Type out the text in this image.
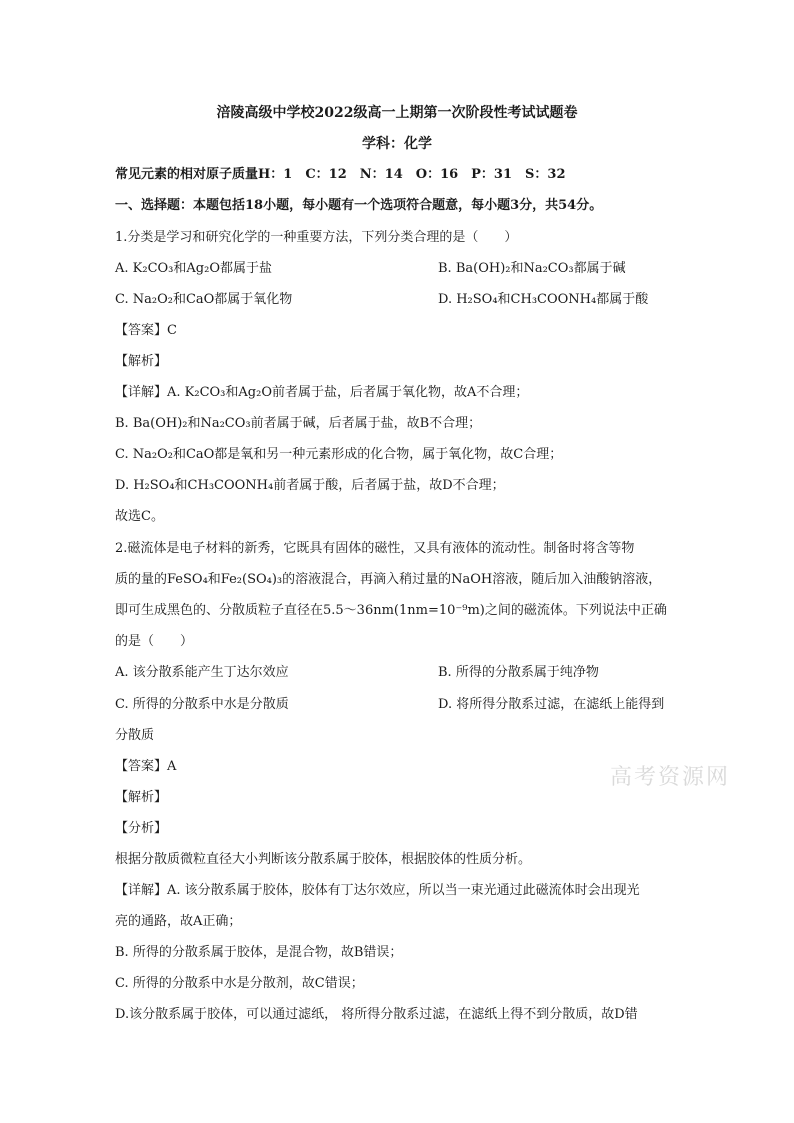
涪陵高级中学校2022级高一上期第一次阶段性考试试题卷
学科：化学
常见元素的相对原子质量H：1　C：12　N：14　O：16　P：31　S：32
一、选择题：本题包括18小题，每小题有一个选项符合题意，每小题3分，共54分。
1.分类是学习和研究化学的一种重要方法，下列分类合理的是（　　）
A. K₂CO₃和Ag₂O都属于盐	B. Ba(OH)₂和Na₂CO₃都属于碱
C. Na₂O₂和CaO都属于氧化物	D. H₂SO₄和CH₃COONH₄都属于酸
【答案】C
【解析】
【详解】A. K₂CO₃和Ag₂O前者属于盐，后者属于氧化物，故A不合理；
B. Ba(OH)₂和Na₂CO₃前者属于碱，后者属于盐，故B不合理；
C. Na₂O₂和CaO都是氧和另一种元素形成的化合物，属于氧化物，故C合理；
D. H₂SO₄和CH₃COONH₄前者属于酸，后者属于盐，故D不合理；
故选C。
2.磁流体是电子材料的新秀，它既具有固体的磁性，又具有液体的流动性。制备时将含等物
质的量的FeSO₄和Fe₂(SO₄)₃的溶液混合，再滴入稍过量的NaOH溶液，随后加入油酸钠溶液，
即可生成黑色的、分散质粒子直径在5.5～36nm(1nm=10⁻⁹m)之间的磁流体。下列说法中正确
的是（　　）
A. 该分散系能产生丁达尔效应	B. 所得的分散系属于纯净物
C. 所得的分散系中水是分散质	D. 将所得分散系过滤，在滤纸上能得到
分散质
【答案】A
【解析】
【分析】
根据分散质微粒直径大小判断该分散系属于胶体，根据胶体的性质分析。
【详解】A. 该分散系属于胶体，胶体有丁达尔效应，所以当一束光通过此磁流体时会出现光
亮的通路，故A正确；
B. 所得的分散系属于胶体，是混合物，故B错误；
C. 所得的分散系中水是分散剂，故C错误；
D.该分散系属于胶体，可以通过滤纸， 将所得分散系过滤，在滤纸上得不到分散质，故D错
高考资源网
